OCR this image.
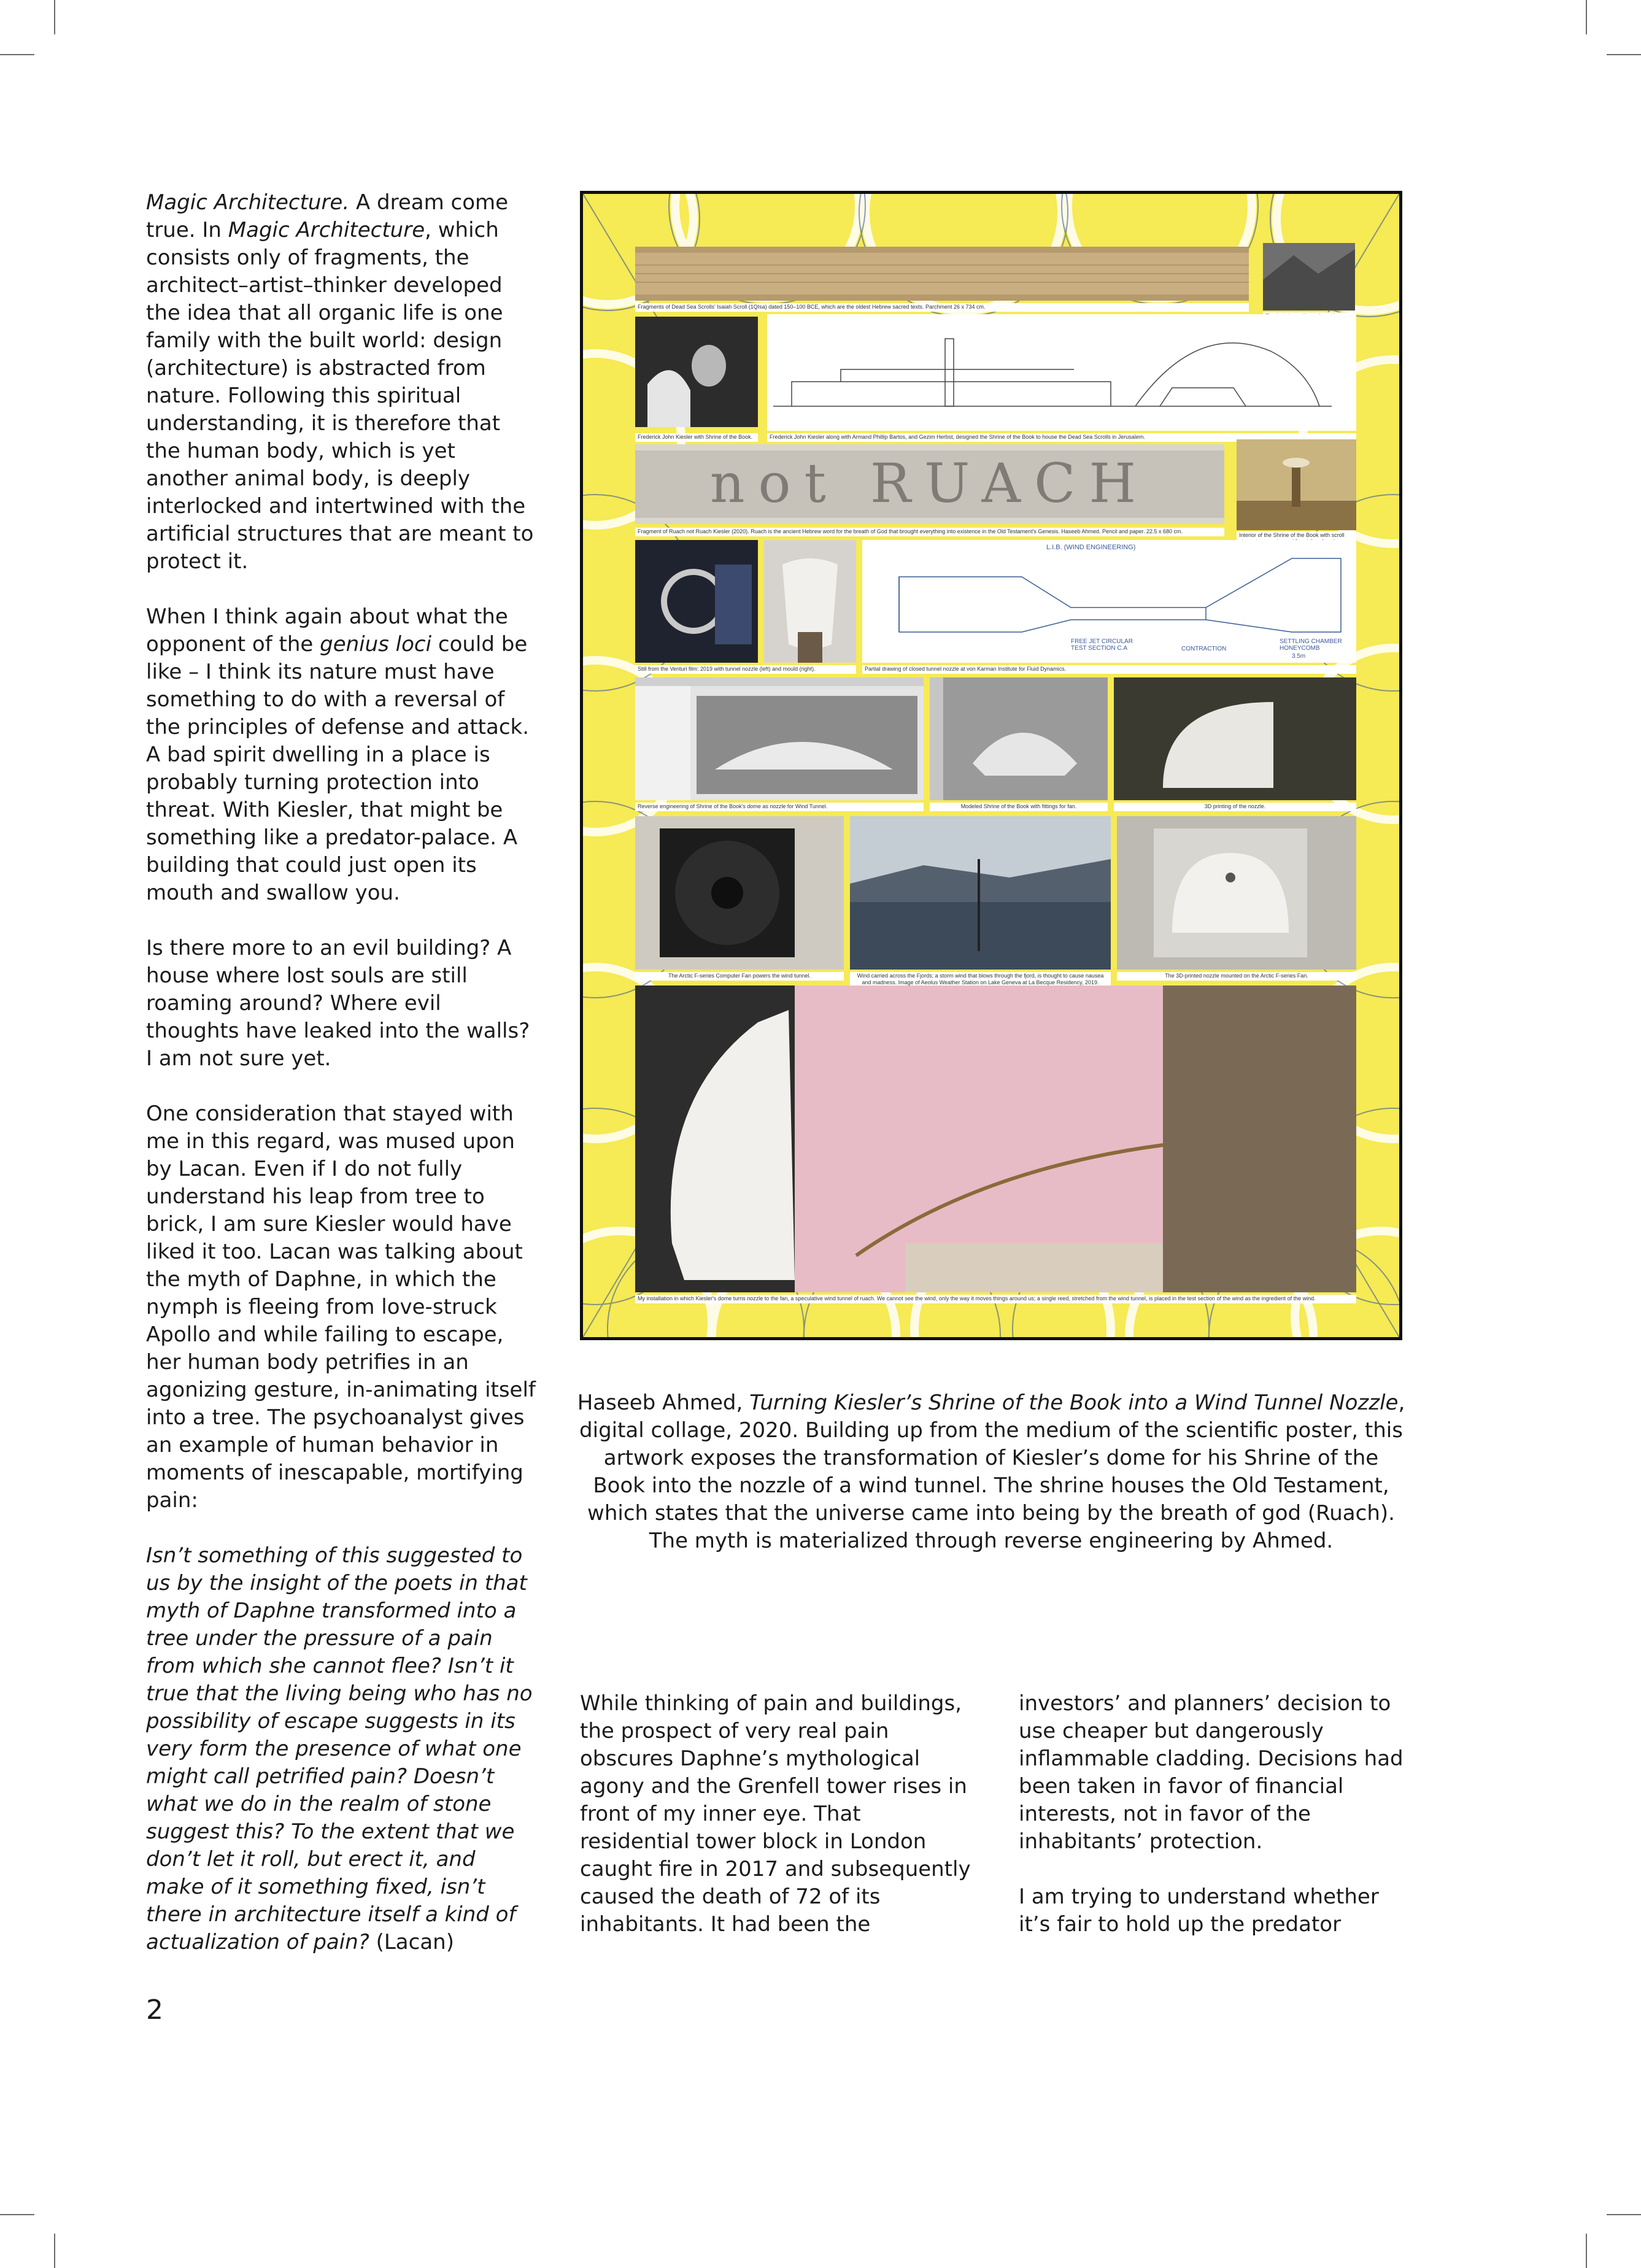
Magic Architecture. A dream come true. In Magic Architecture, which consists only of fragments, the architect–artist–thinker developed the idea that all organic life is one family with the built world: design (architecture) is abstracted from nature. Following this spiritual understanding, it is therefore that the human body, which is yet another animal body, is deeply interlocked and intertwined with the artificial structures that are meant to protect it.

When I think again about what the opponent of the genius loci could be like – I think its nature must have something to do with a reversal of the principles of defense and attack. A bad spirit dwelling in a place is probably turning protection into threat. With Kiesler, that might be something like a predator-palace. A building that could just open its mouth and swallow you.

Is there more to an evil building? A house where lost souls are still roaming around? Where evil thoughts have leaked into the walls? I am not sure yet.

One consideration that stayed with me in this regard, was mused upon by Lacan. Even if I do not fully understand his leap from tree to brick, I am sure Kiesler would have liked it too. Lacan was talking about the myth of Daphne, in which the nymph is fleeing from love-struck Apollo and while failing to escape, her human body petrifies in an agonizing gesture, in-animating itself into a tree. The psychoanalyst gives an example of human behavior in moments of inescapable, mortifying pain:

Isn’t something of this suggested to us by the insight of the poets in that myth of Daphne transformed into a tree under the pressure of a pain from which she cannot flee? Isn’t it true that the living being who has no possibility of escape suggests in its very form the presence of what one might call petrified pain? Doesn’t what we do in the realm of stone suggest this? To the extent that we don’t let it roll, but erect it, and make of it something fixed, isn’t there in architecture itself a kind of actualization of pain? (Lacan)

2
Fragments of Dead Sea Scrolls' Isaiah Scroll (1QIsa) dated 150–100 BCE, which are the oldest Hebrew sacred texts. Parchment 26 x 734 cm.
Frederick John Kiesler with Shrine of the Book.	Frederick John Kiesler along with Armand Phillip Bartos, and Gezim Herbst, designed the Shrine of the Book to house the Dead Sea Scrolls in Jerusalem.
not RUACH
Fragment of Ruach not Ruach Kiesler (2020). Ruach is the ancient Hebrew word for the breath of God that brought everything into existence in the Old Testament's Genesis. Haseeb Ahmed. Pencil and paper. 22.5 x 680 cm.
Interior of the Shrine of the Book with scroll
L.I.B. (WIND ENGINEERING)
FREE JET CIRCULAR TEST SECTION C.A	CONTRACTION
SETTLING CHAMBER HONEYCOMB
3.5m
Still from the Venturi film: 2019 with tunnel nozzle (left) and mould (right).	Partial drawing of closed tunnel nozzle at von Karman Institute for Fluid Dynamics.
Reverse engineering of Shrine of the Book's dome as nozzle for Wind Tunnel.	Modeled Shrine of the Book with fittings for fan.	3D printing of the nozzle.
The Arctic F-series Computer Fan powers the wind tunnel.	Wind carried across the Fjords; a storm wind that blows through the fjord, is thought to cause nausea and madness. Image of Aeolus Weather Station on Lake Geneva at La Becque Residency, 2019.
The 3D-printed nozzle mounted on the Arctic F-series Fan.
My installation in which Kiesler's dome turns nozzle to the fan, a speculative wind tunnel of ruach. We cannot see the wind, only the way it moves things around us; a single reed, stretched from the wind tunnel, is placed in the test section of the wind as the ingredient of the wind.
Haseeb Ahmed, Turning Kiesler’s Shrine of the Book into a Wind Tunnel Nozzle, digital collage, 2020. Building up from the medium of the scientific poster, this artwork exposes the transformation of Kiesler’s dome for his Shrine of the Book into the nozzle of a wind tunnel. The shrine houses the Old Testament, which states that the universe came into being by the breath of god (Ruach). The myth is materialized through reverse engineering by Ahmed.

While thinking of pain and buildings, the prospect of very real pain obscures Daphne’s mythological agony and the Grenfell tower rises in front of my inner eye. That residential tower block in London caught fire in 2017 and subsequently caused the death of 72 of its inhabitants. It had been the

investors’ and planners’ decision to use cheaper but dangerously inflammable cladding. Decisions had been taken in favor of financial interests, not in favor of the inhabitants’ protection.

I am trying to understand whether it’s fair to hold up the predator
